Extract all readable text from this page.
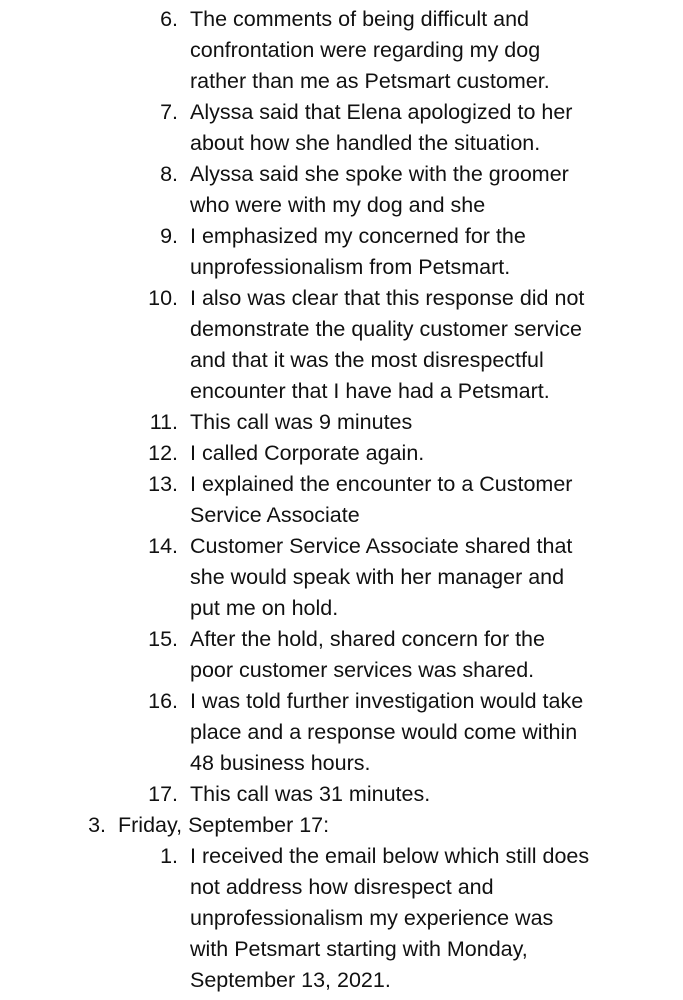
6. The comments of being difficult and
confrontation were regarding my dog
rather than me as Petsmart customer.
7. Alyssa said that Elena apologized to her
about how she handled the situation.
8. Alyssa said she spoke with the groomer
who were with my dog and she
9. I emphasized my concerned for the
unprofessionalism from Petsmart.
10. I also was clear that this response did not
demonstrate the quality customer service
and that it was the most disrespectful
encounter that I have had a Petsmart.
11. This call was 9 minutes
12. I called Corporate again.
13. I explained the encounter to a Customer
Service Associate
14. Customer Service Associate shared that
she would speak with her manager and
put me on hold.
15. After the hold, shared concern for the
poor customer services was shared.
16. I was told further investigation would take
place and a response would come within
48 business hours.
17. This call was 31 minutes.
3. Friday, September 17:
1. I received the email below which still does
not address how disrespect and
unprofessionalism my experience was
with Petsmart starting with Monday,
September 13, 2021.
